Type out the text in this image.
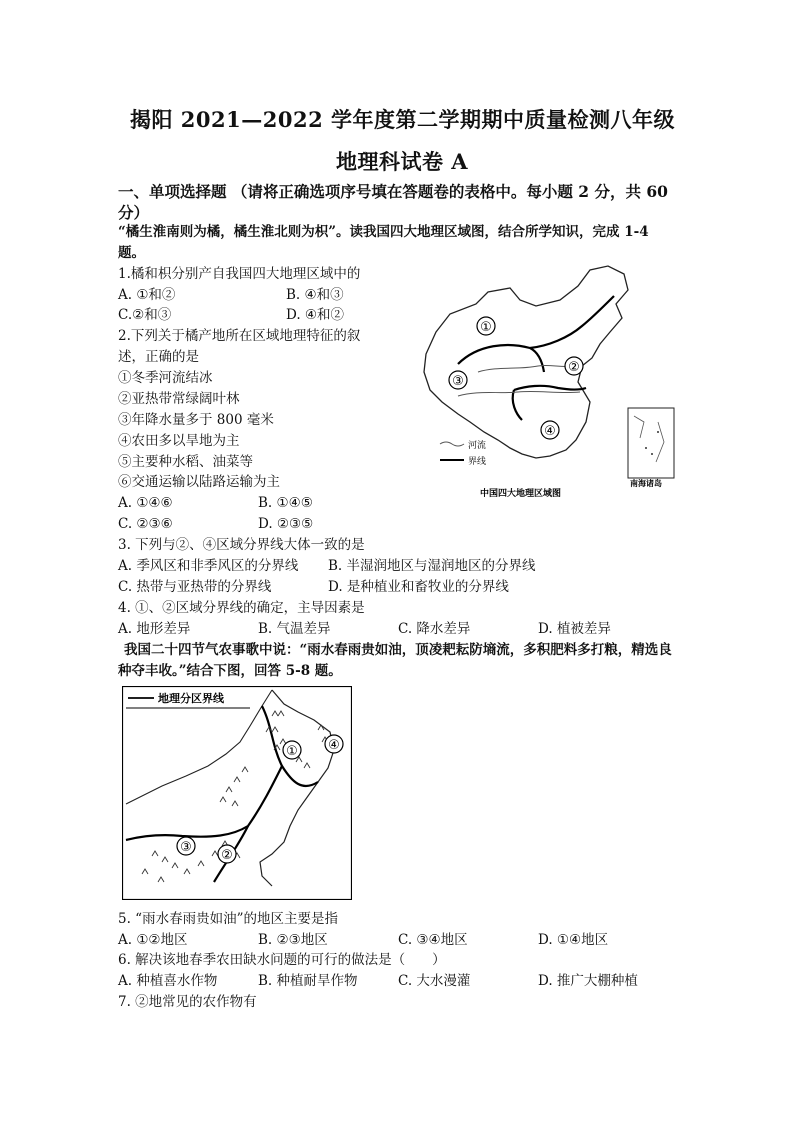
揭阳 2021—2022 学年度第二学期期中质量检测八年级
地理科试卷 A
一、单项选择题 （请将正确选项序号填在答题卷的表格中。每小题 2 分，共 60
分）
“橘生淮南则为橘，橘生淮北则为枳”。读我国四大地理区域图，结合所学知识，完成 1-4
题。
1.橘和枳分别产自我国四大地理区域中的
A. ①和②	B. ④和③
C.②和③	D. ④和②
2.下列关于橘产地所在区域地理特征的叙
述，正确的是
①冬季河流结冰
②亚热带常绿阔叶林
③年降水量多于 800 毫米
④农田多以旱地为主
⑤主要种水稻、油菜等
⑥交通运输以陆路运输为主
A. ①④⑥	B. ①④⑤
C. ②③⑥	D. ②③⑤
3. 下列与②、④区域分界线大体一致的是
A. 季风区和非季风区的分界线 B. 半湿润地区与湿润地区的分界线
C. 热带与亚热带的分界线	D. 是种植业和畜牧业的分界线
4. ①、②区域分界线的确定，主导因素是
A. 地形差异	B. 气温差异	C. 降水差异	D. 植被差异
我国二十四节气农事歌中说：“雨水春雨贵如油，顶凌耙耘防墒流，多积肥料多打粮，精选良
种夺丰收。”结合下图，回答 5-8 题。
①
②
③
④
河流
界线
南海诸岛
中国四大地理区域图
地理分区界线
①
②
③
④
5. “雨水春雨贵如油”的地区主要是指
A. ①②地区	B. ②③地区	C. ③④地区	D. ①④地区
6. 解决该地春季农田缺水问题的可行的做法是（　　）
A. 种植喜水作物	B. 种植耐旱作物	C. 大水漫灌	D. 推广大棚种植
7. ②地常见的农作物有
